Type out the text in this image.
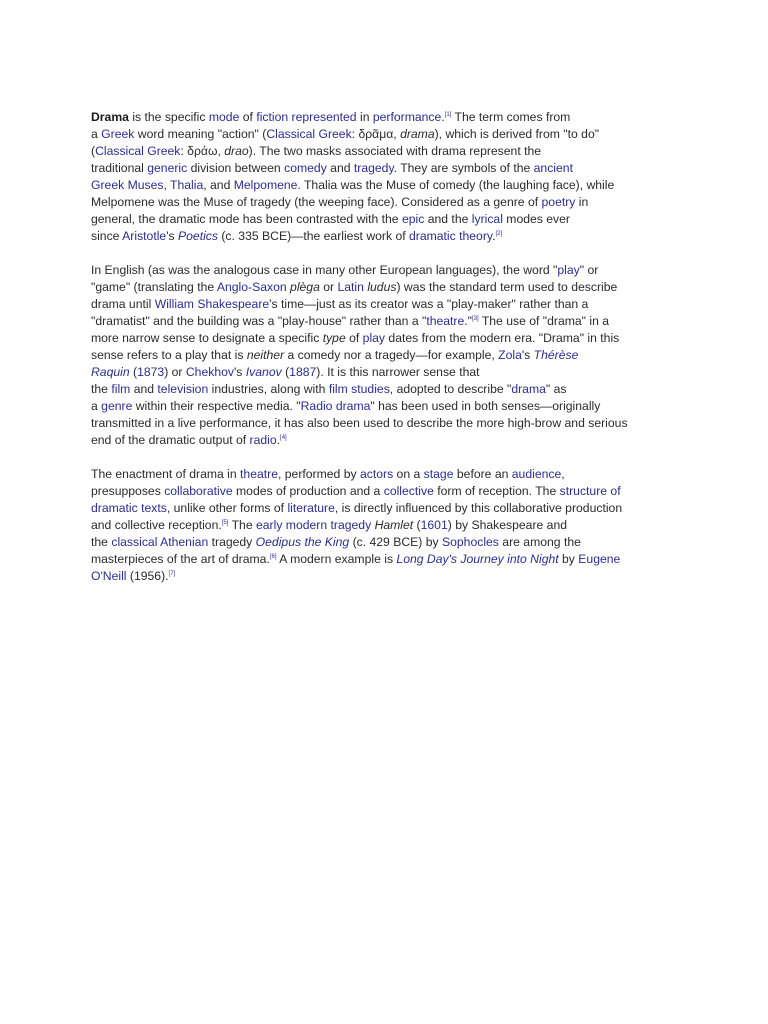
Drama is the specific mode of fiction represented in performance.[1] The term comes from
a Greek word meaning "action" (Classical Greek: δρᾶμα, drama), which is derived from "to do"
(Classical Greek: δράω, drao). The two masks associated with drama represent the
traditional generic division between comedy and tragedy. They are symbols of the ancient
Greek Muses, Thalia, and Melpomene. Thalia was the Muse of comedy (the laughing face), while
Melpomene was the Muse of tragedy (the weeping face). Considered as a genre of poetry in
general, the dramatic mode has been contrasted with the epic and the lyrical modes ever
since Aristotle's Poetics (c. 335 BCE)—the earliest work of dramatic theory.[2]
In English (as was the analogous case in many other European languages), the word "play" or
"game" (translating the Anglo-Saxon plèga or Latin ludus) was the standard term used to describe
drama until William Shakespeare's time—just as its creator was a "play-maker" rather than a
"dramatist" and the building was a "play-house" rather than a "theatre."[3] The use of "drama" in a
more narrow sense to designate a specific type of play dates from the modern era. "Drama" in this
sense refers to a play that is neither a comedy nor a tragedy—for example, Zola's Thérèse
Raquin (1873) or Chekhov's Ivanov (1887). It is this narrower sense that
the film and television industries, along with film studies, adopted to describe "drama" as
a genre within their respective media. "Radio drama" has been used in both senses—originally
transmitted in a live performance, it has also been used to describe the more high-brow and serious
end of the dramatic output of radio.[4]
The enactment of drama in theatre, performed by actors on a stage before an audience,
presupposes collaborative modes of production and a collective form of reception. The structure of
dramatic texts, unlike other forms of literature, is directly influenced by this collaborative production
and collective reception.[5] The early modern tragedy Hamlet (1601) by Shakespeare and
the classical Athenian tragedy Oedipus the King (c. 429 BCE) by Sophocles are among the
masterpieces of the art of drama.[6] A modern example is Long Day's Journey into Night by Eugene
O'Neill (1956).[7]
